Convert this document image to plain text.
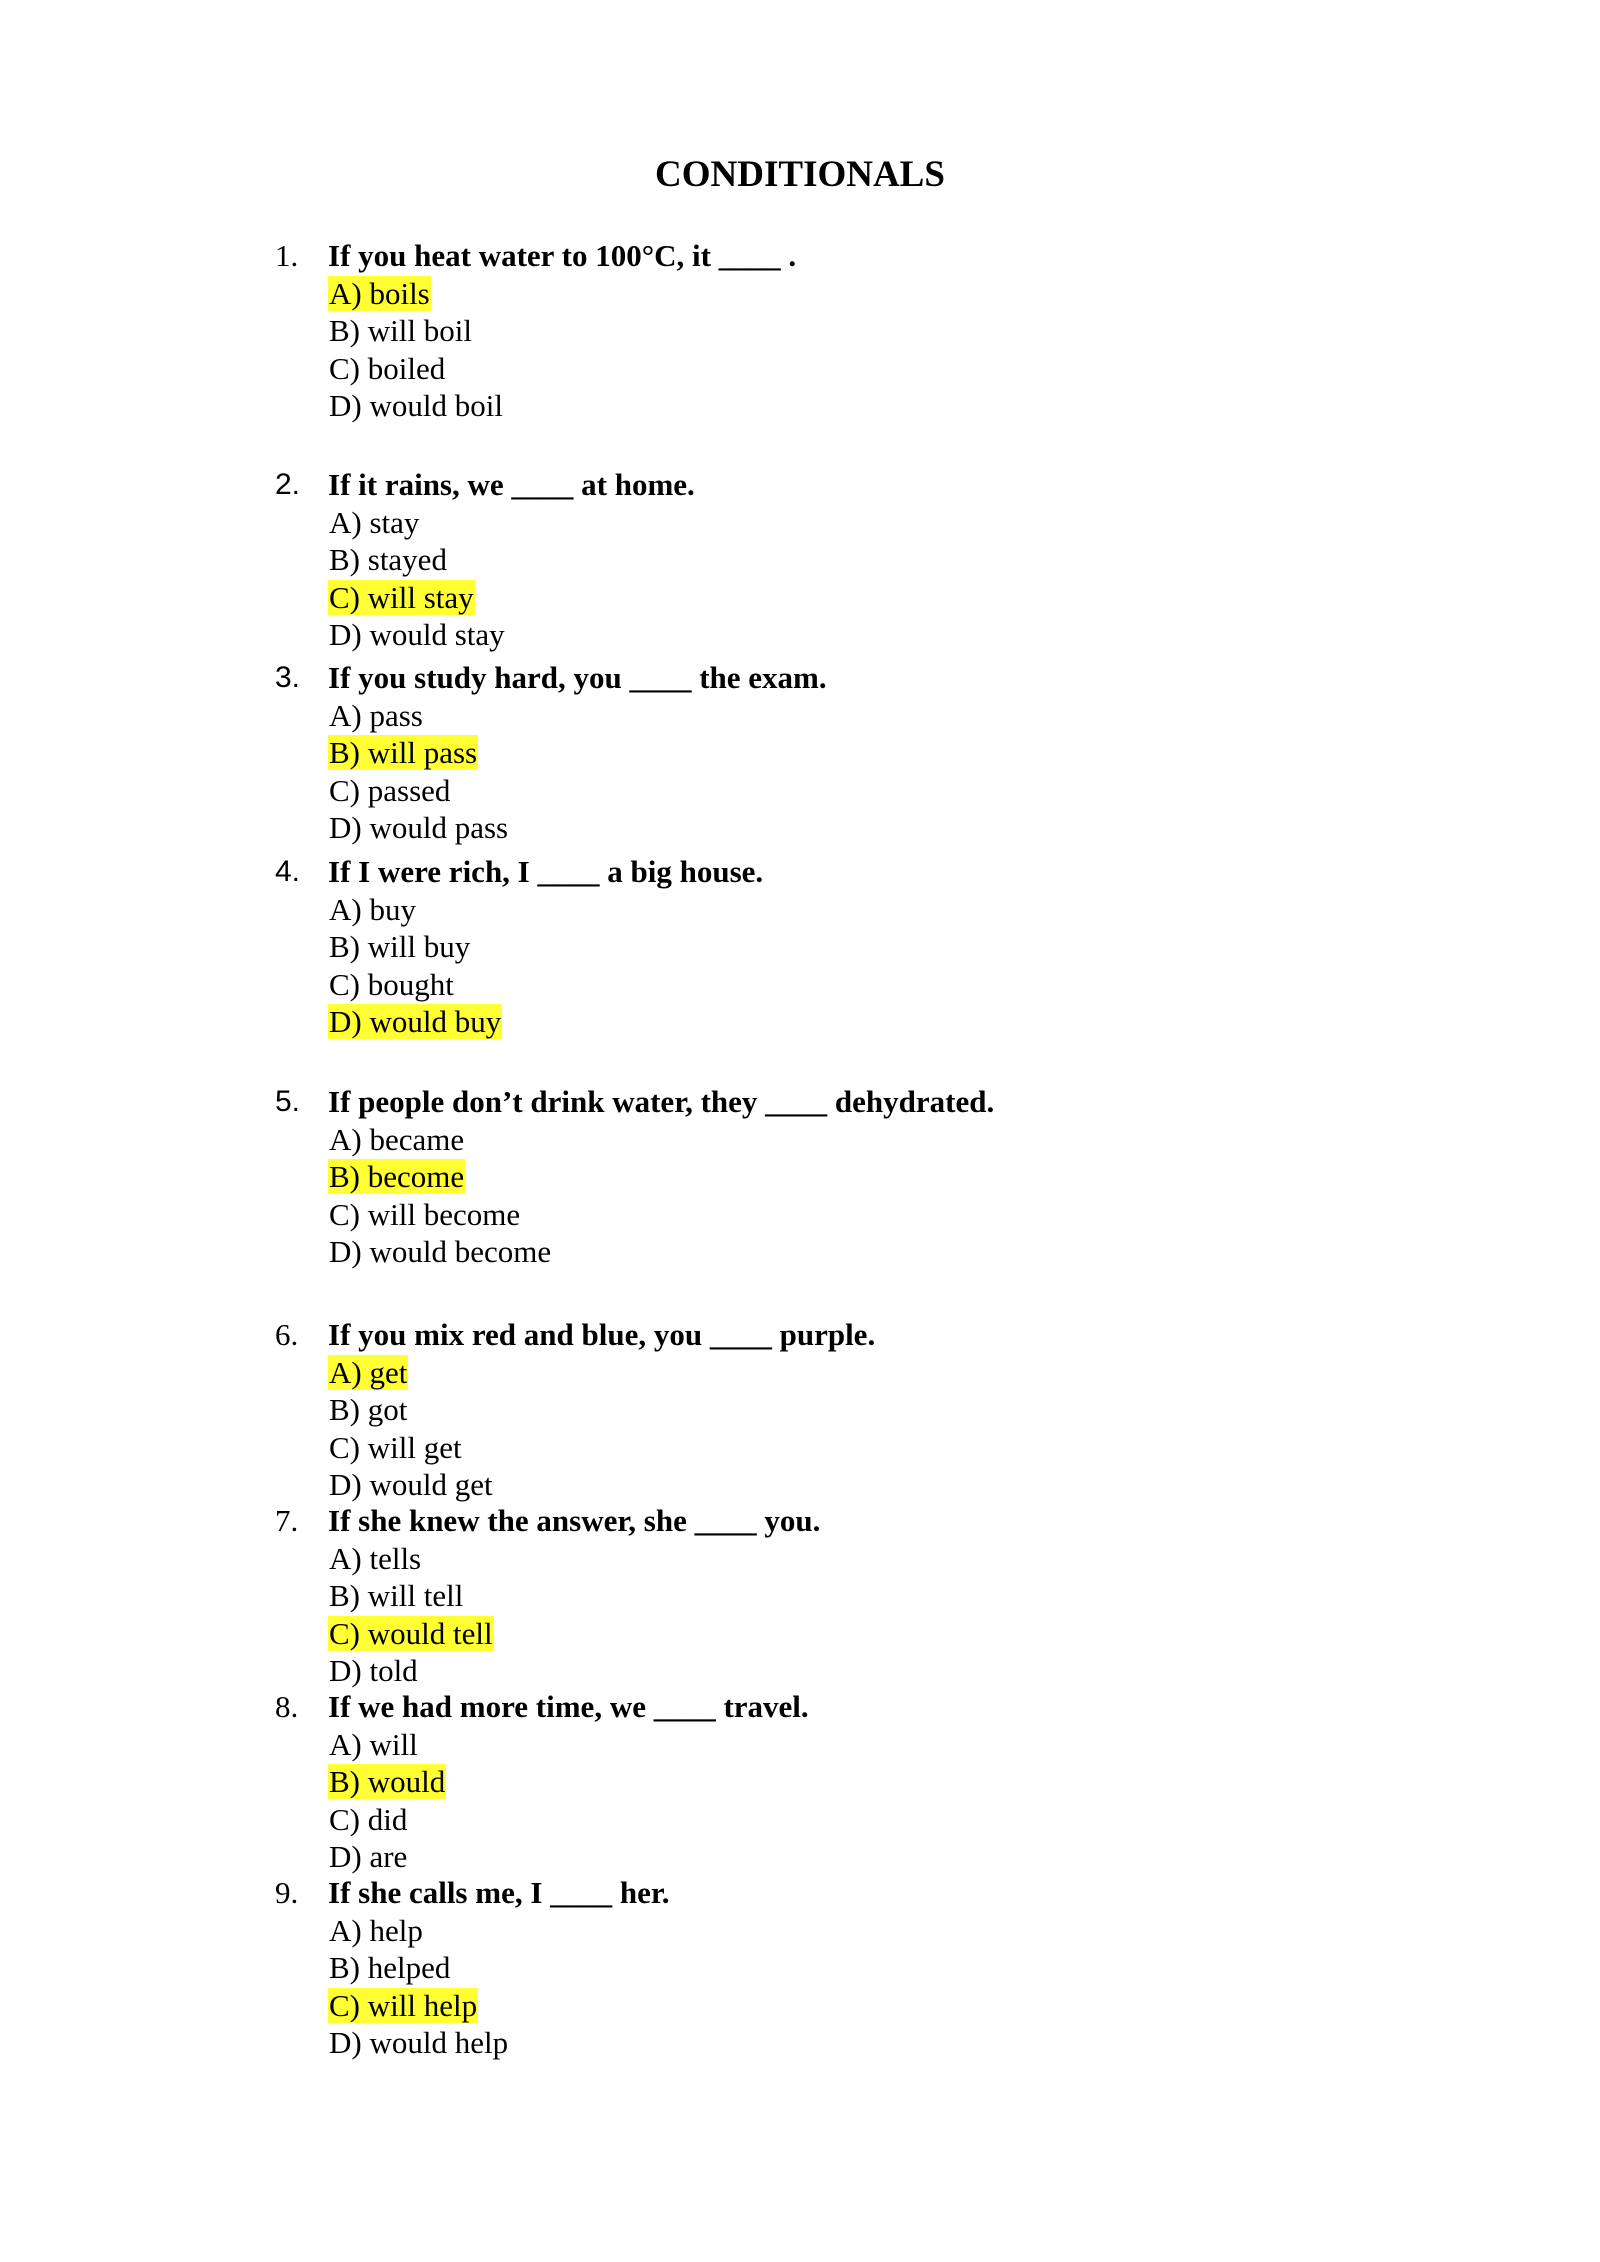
CONDITIONALS
1. If you heat water to 100°C, it ____ .
A) boils
B) will boil
C) boiled
D) would boil
2. If it rains, we ____ at home.
A) stay
B) stayed
C) will stay
D) would stay
3. If you study hard, you ____ the exam.
A) pass
B) will pass
C) passed
D) would pass
4. If I were rich, I ____ a big house.
A) buy
B) will buy
C) bought
D) would buy
5. If people don’t drink water, they ____ dehydrated.
A) became
B) become
C) will become
D) would become
6. If you mix red and blue, you ____ purple.
A) get
B) got
C) will get
D) would get
7. If she knew the answer, she ____ you.
A) tells
B) will tell
C) would tell
D) told
8. If we had more time, we ____ travel.
A) will
B) would
C) did
D) are
9. If she calls me, I ____ her.
A) help
B) helped
C) will help
D) would help
